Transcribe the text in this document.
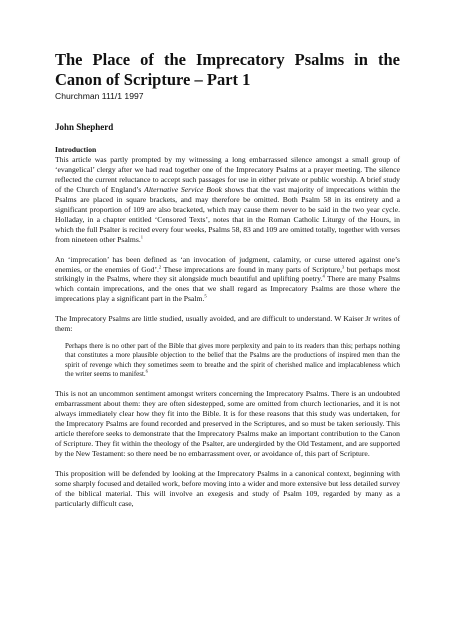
The Place of the Imprecatory Psalms in the Canon of Scripture – Part 1
Churchman 111/1 1997
John Shepherd
Introduction

This article was partly prompted by my witnessing a long embarrassed silence amongst a small group of ‘evangelical’ clergy after we had read together one of the Imprecatory Psalms at a prayer meeting. The silence reflected the current reluctance to accept such passages for use in either private or public worship. A brief study of the Church of England’s Alternative Service Book shows that the vast majority of imprecations within the Psalms are placed in square brackets, and may therefore be omitted. Both Psalm 58 in its entirety and a significant proportion of 109 are also bracketed, which may cause them never to be said in the two year cycle. Holladay, in a chapter entitled ‘Censored Texts’, notes that in the Roman Catholic Liturgy of the Hours, in which the full Psalter is recited every four weeks, Psalms 58, 83 and 109 are omitted totally, together with verses from nineteen other Psalms.$^1$

An ‘imprecation’ has been defined as ‘an invocation of judgment, calamity, or curse uttered against one’s enemies, or the enemies of God’.$^2$ These imprecations are found in many parts of Scripture,$^3$ but perhaps most strikingly in the Psalms, where they sit alongside much beautiful and uplifting poetry.$^4$ There are many Psalms which contain imprecations, and the ones that we shall regard as Imprecatory Psalms are those where the imprecations play a significant part in the Psalm.$^5$

The Imprecatory Psalms are little studied, usually avoided, and are difficult to understand. W Kaiser Jr writes of them:

Perhaps there is no other part of the Bible that gives more perplexity and pain to its readers than this; perhaps nothing that constitutes a more plausible objection to the belief that the Psalms are the productions of inspired men than the spirit of revenge which they sometimes seem to breathe and the spirit of cherished malice and implacableness which the writer seems to manifest.$^6$

This is not an uncommon sentiment amongst writers concerning the Imprecatory Psalms. There is an undoubted embarrassment about them: they are often sidestepped, some are omitted from church lectionaries, and it is not always immediately clear how they fit into the Bible. It is for these reasons that this study was undertaken, for the Imprecatory Psalms are found recorded and preserved in the Scriptures, and so must be taken seriously. This article therefore seeks to demonstrate that the Imprecatory Psalms make an important contribution to the Canon of Scripture. They fit within the theology of the Psalter, are undergirded by the Old Testament, and are supported by the New Testament: so there need be no embarrassment over, or avoidance of, this part of Scripture.

This proposition will be defended by looking at the Imprecatory Psalms in a canonical context, beginning with some sharply focused and detailed work, before moving into a wider and more extensive but less detailed survey of the biblical material. This will involve an exegesis and study of Psalm 109, regarded by many as a particularly difficult case,
